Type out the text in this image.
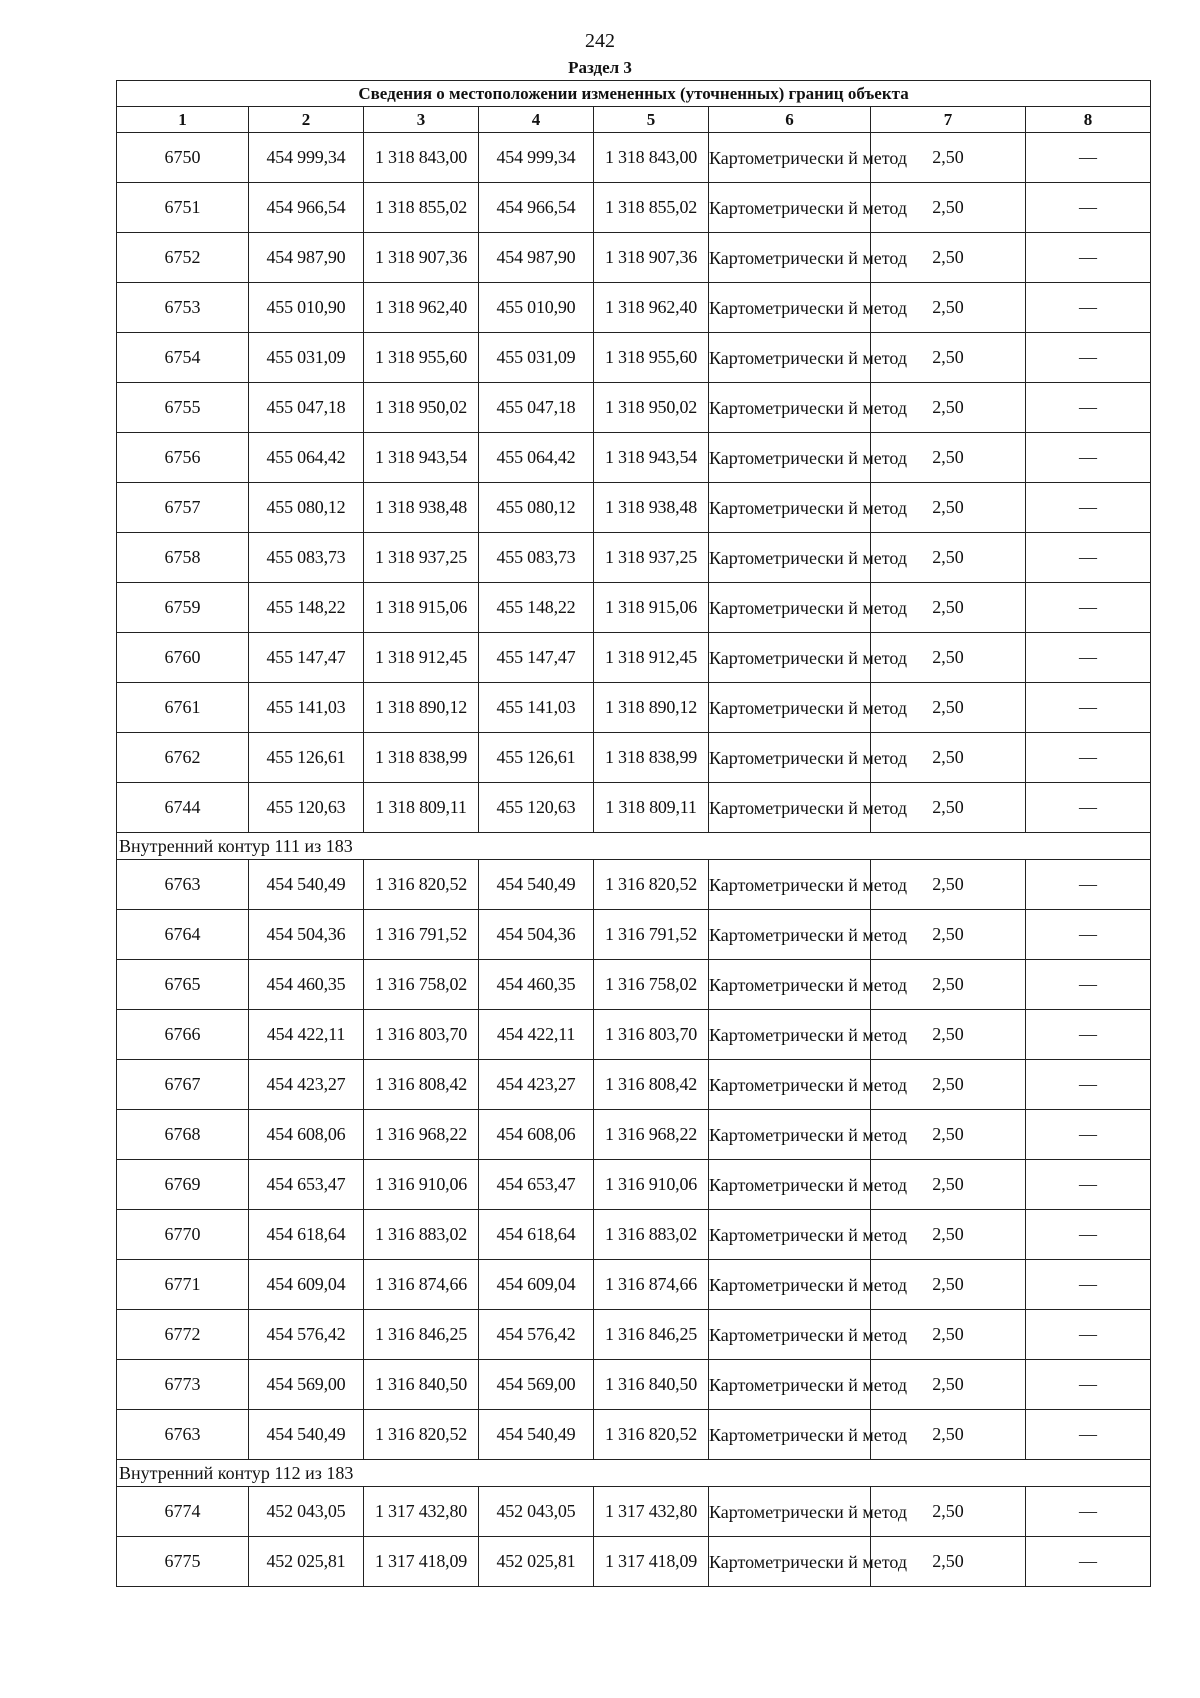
242
Раздел 3
Сведения о местоположении измененных (уточненных) границ объекта							
1	2	3	4	5	6	7	8
6750	454 999,34	1 318 843,00	454 999,34	1 318 843,00	Картометрически й метод	2,50	—
6751	454 966,54	1 318 855,02	454 966,54	1 318 855,02	Картометрически й метод	2,50	—
6752	454 987,90	1 318 907,36	454 987,90	1 318 907,36	Картометрически й метод	2,50	—
6753	455 010,90	1 318 962,40	455 010,90	1 318 962,40	Картометрически й метод	2,50	—
6754	455 031,09	1 318 955,60	455 031,09	1 318 955,60	Картометрически й метод	2,50	—
6755	455 047,18	1 318 950,02	455 047,18	1 318 950,02	Картометрически й метод	2,50	—
6756	455 064,42	1 318 943,54	455 064,42	1 318 943,54	Картометрически й метод	2,50	—
6757	455 080,12	1 318 938,48	455 080,12	1 318 938,48	Картометрически й метод	2,50	—
6758	455 083,73	1 318 937,25	455 083,73	1 318 937,25	Картометрически й метод	2,50	—
6759	455 148,22	1 318 915,06	455 148,22	1 318 915,06	Картометрически й метод	2,50	—
6760	455 147,47	1 318 912,45	455 147,47	1 318 912,45	Картометрически й метод	2,50	—
6761	455 141,03	1 318 890,12	455 141,03	1 318 890,12	Картометрически й метод	2,50	—
6762	455 126,61	1 318 838,99	455 126,61	1 318 838,99	Картометрически й метод	2,50	—
6744	455 120,63	1 318 809,11	455 120,63	1 318 809,11	Картометрически й метод	2,50	—
Внутренний контур 111 из 183							
6763	454 540,49	1 316 820,52	454 540,49	1 316 820,52	Картометрически й метод	2,50	—
6764	454 504,36	1 316 791,52	454 504,36	1 316 791,52	Картометрически й метод	2,50	—
6765	454 460,35	1 316 758,02	454 460,35	1 316 758,02	Картометрически й метод	2,50	—
6766	454 422,11	1 316 803,70	454 422,11	1 316 803,70	Картометрически й метод	2,50	—
6767	454 423,27	1 316 808,42	454 423,27	1 316 808,42	Картометрически й метод	2,50	—
6768	454 608,06	1 316 968,22	454 608,06	1 316 968,22	Картометрически й метод	2,50	—
6769	454 653,47	1 316 910,06	454 653,47	1 316 910,06	Картометрически й метод	2,50	—
6770	454 618,64	1 316 883,02	454 618,64	1 316 883,02	Картометрически й метод	2,50	—
6771	454 609,04	1 316 874,66	454 609,04	1 316 874,66	Картометрически й метод	2,50	—
6772	454 576,42	1 316 846,25	454 576,42	1 316 846,25	Картометрически й метод	2,50	—
6773	454 569,00	1 316 840,50	454 569,00	1 316 840,50	Картометрически й метод	2,50	—
6763	454 540,49	1 316 820,52	454 540,49	1 316 820,52	Картометрически й метод	2,50	—
Внутренний контур 112 из 183							
6774	452 043,05	1 317 432,80	452 043,05	1 317 432,80	Картометрически й метод	2,50	—
6775	452 025,81	1 317 418,09	452 025,81	1 317 418,09	Картометрически й метод	2,50	—
